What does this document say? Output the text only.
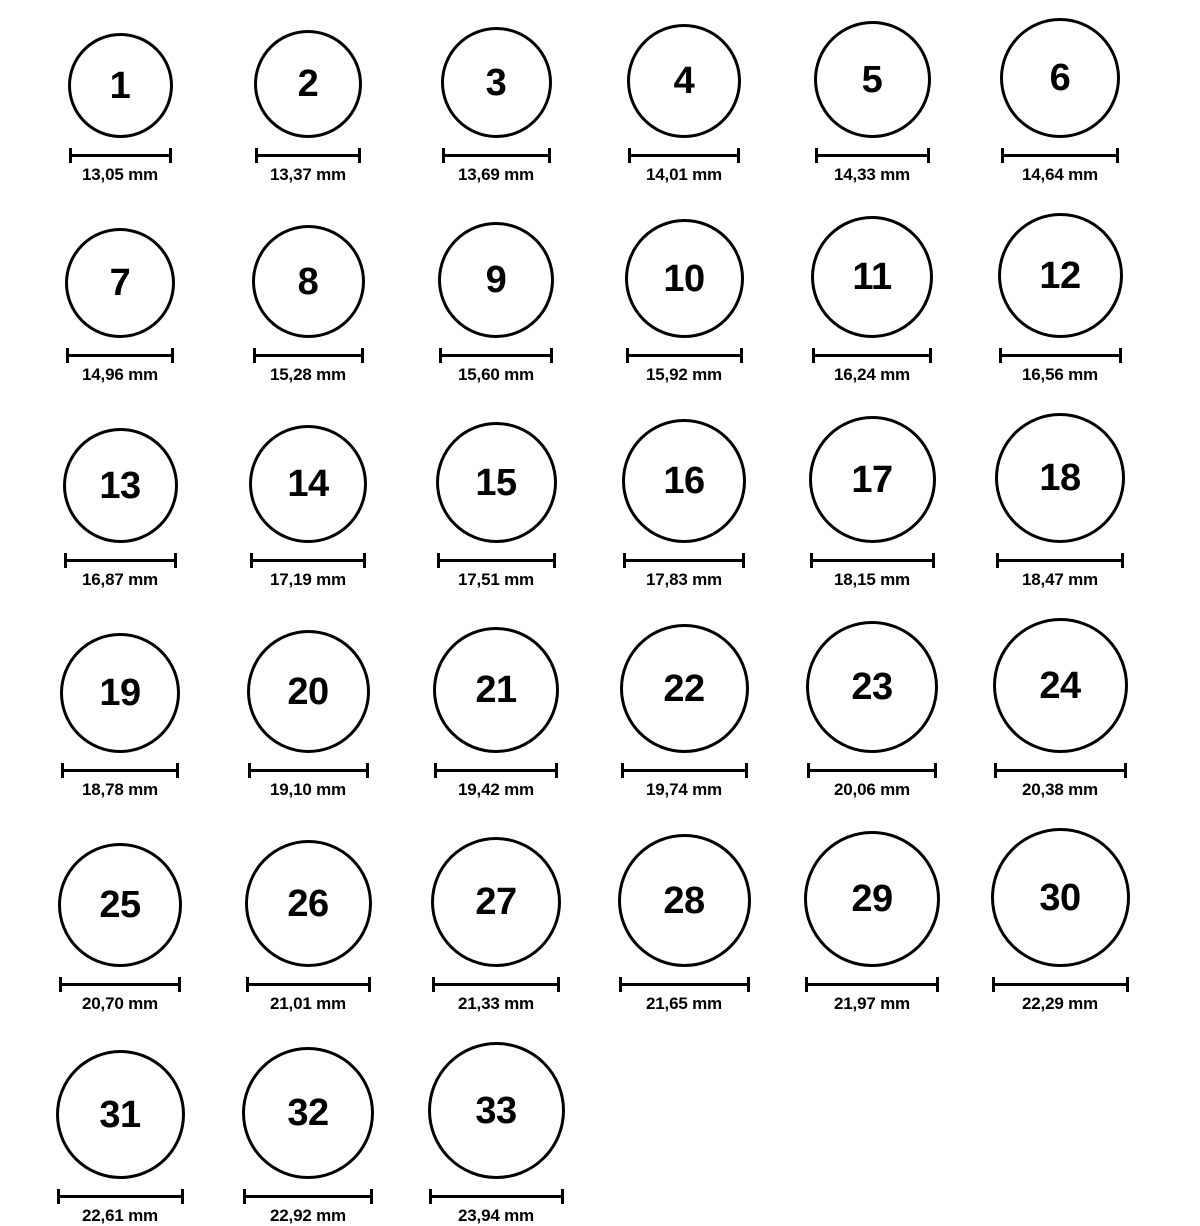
1
13,05 mm
2
13,37 mm
3
13,69 mm
4
14,01 mm
5
14,33 mm
6
14,64 mm
7
14,96 mm
8
15,28 mm
9
15,60 mm
10
15,92 mm
11
16,24 mm
12
16,56 mm
13
16,87 mm
14
17,19 mm
15
17,51 mm
16
17,83 mm
17
18,15 mm
18
18,47 mm
19
18,78 mm
20
19,10 mm
21
19,42 mm
22
19,74 mm
23
20,06 mm
24
20,38 mm
25
20,70 mm
26
21,01 mm
27
21,33 mm
28
21,65 mm
29
21,97 mm
30
22,29 mm
31
22,61 mm
32
22,92 mm
33
23,94 mm
